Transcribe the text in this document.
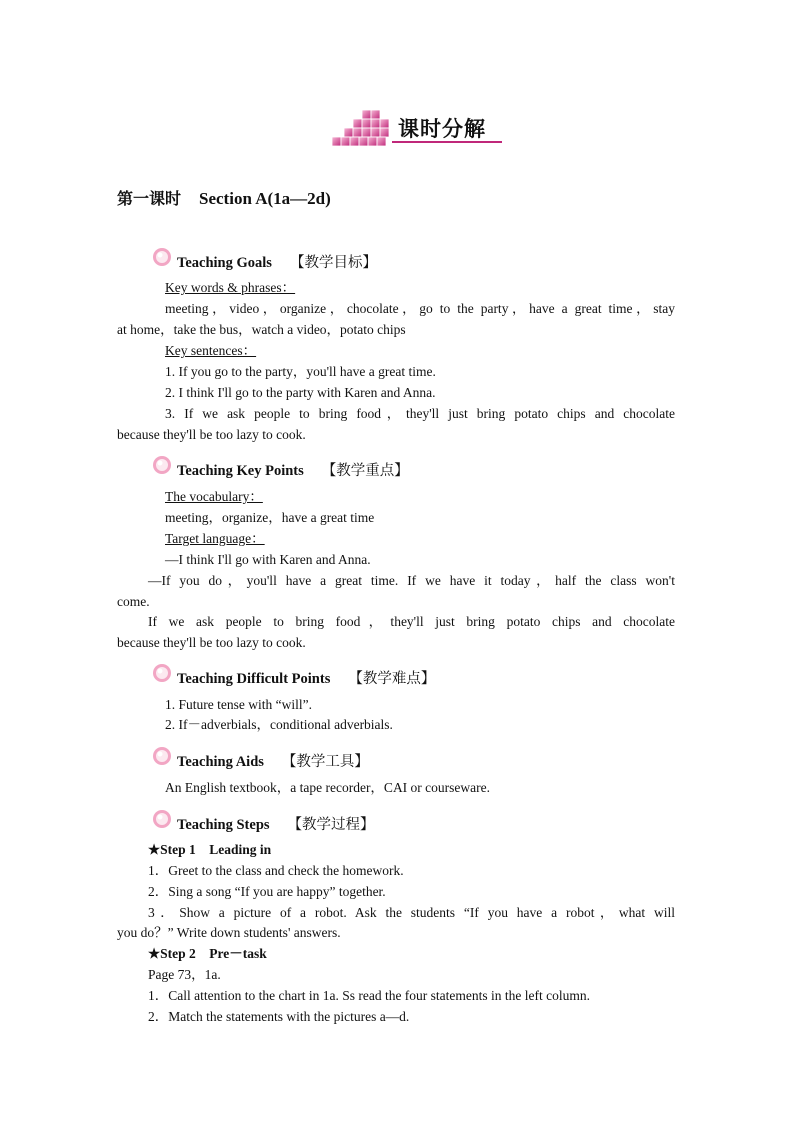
课时分解
第一课时 Section A(1a—2d)
Teaching Goals 【教学目标】
Key words & phrases：
meeting，video，organize，chocolate，go to the party，have a great time，stay
at home，take the bus，watch a video，potato chips
Key sentences：
1. If you go to the party，you'll have a great time.
2. I think I'll go to the party with Karen and Anna.
3. If we ask people to bring food，they'll just bring potato chips and chocolate
because they'll be too lazy to cook.
Teaching Key Points 【教学重点】
The vocabulary：
meeting，organize，have a great time
Target language：
—I think I'll go with Karen and Anna.
—If you do，you'll have a great time. If we have it today，half the class won't
come.
If we ask people to bring food，they'll just bring potato chips and chocolate
because they'll be too lazy to cook.
Teaching Difficult Points 【教学难点】
1. Future tense with “will”.
2. If－adverbials，conditional adverbials.
Teaching Aids 【教学工具】
An English textbook，a tape recorder，CAI or courseware.
Teaching Steps 【教学过程】
★Step 1　Leading in
1．Greet to the class and check the homework.
2．Sing a song “If you are happy” together.
3．Show a picture of a robot. Ask the students “If you have a robot，what will
you do？” Write down students' answers.
★Step 2　Pre－task
Page 73，1a.
1．Call attention to the chart in 1a. Ss read the four statements in the left column.
2．Match the statements with the pictures a—d.
